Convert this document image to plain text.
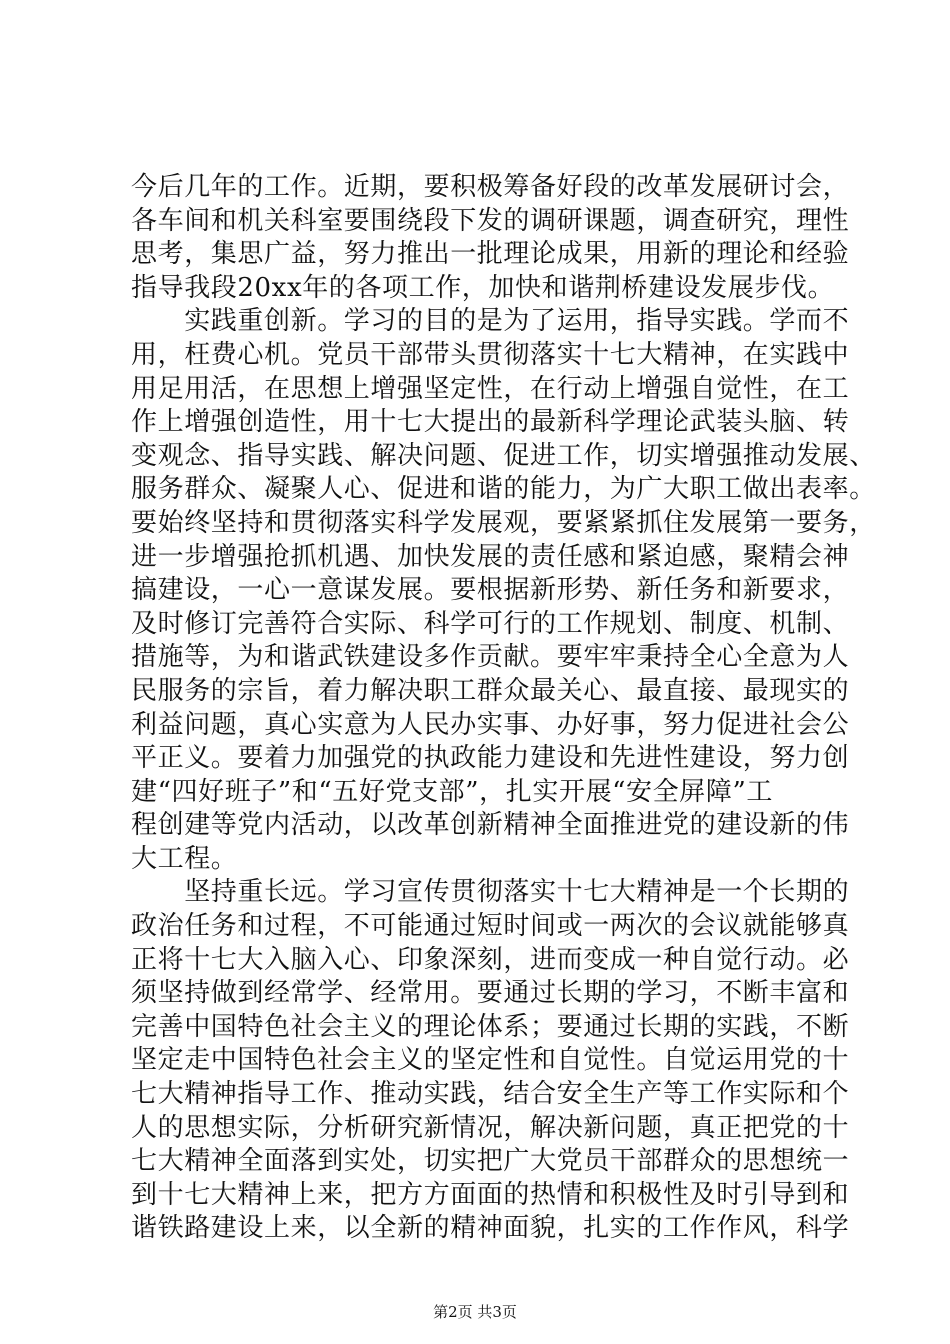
今后几年的工作。近期，要积极筹备好段的改革发展研讨会，
各车间和机关科室要围绕段下发的调研课题，调查研究，理性
思考，集思广益，努力推出一批理论成果，用新的理论和经验
指导我段20xx年的各项工作，加快和谐荆桥建设发展步伐。
　　实践重创新。学习的目的是为了运用，指导实践。学而不
用，枉费心机。党员干部带头贯彻落实十七大精神，在实践中
用足用活，在思想上增强坚定性，在行动上增强自觉性，在工
作上增强创造性，用十七大提出的最新科学理论武装头脑、转
变观念、指导实践、解决问题、促进工作，切实增强推动发展、
服务群众、凝聚人心、促进和谐的能力，为广大职工做出表率。
要始终坚持和贯彻落实科学发展观，要紧紧抓住发展第一要务，
进一步增强抢抓机遇、加快发展的责任感和紧迫感，聚精会神
搞建设，一心一意谋发展。要根据新形势、新任务和新要求，
及时修订完善符合实际、科学可行的工作规划、制度、机制、
措施等，为和谐武铁建设多作贡献。要牢牢秉持全心全意为人
民服务的宗旨，着力解决职工群众最关心、最直接、最现实的
利益问题，真心实意为人民办实事、办好事，努力促进社会公
平正义。要着力加强党的执政能力建设和先进性建设，努力创
建“四好班子”和“五好党支部”，扎实开展“安全屏障”工
程创建等党内活动，以改革创新精神全面推进党的建设新的伟
大工程。
　　坚持重长远。学习宣传贯彻落实十七大精神是一个长期的
政治任务和过程，不可能通过短时间或一两次的会议就能够真
正将十七大入脑入心、印象深刻，进而变成一种自觉行动。必
须坚持做到经常学、经常用。要通过长期的学习，不断丰富和
完善中国特色社会主义的理论体系；要通过长期的实践，不断
坚定走中国特色社会主义的坚定性和自觉性。自觉运用党的十
七大精神指导工作、推动实践，结合安全生产等工作实际和个
人的思想实际，分析研究新情况，解决新问题，真正把党的十
七大精神全面落到实处，切实把广大党员干部群众的思想统一
到十七大精神上来，把方方面面的热情和积极性及时引导到和
谐铁路建设上来，以全新的精神面貌，扎实的工作作风，科学
第2页 共3页
